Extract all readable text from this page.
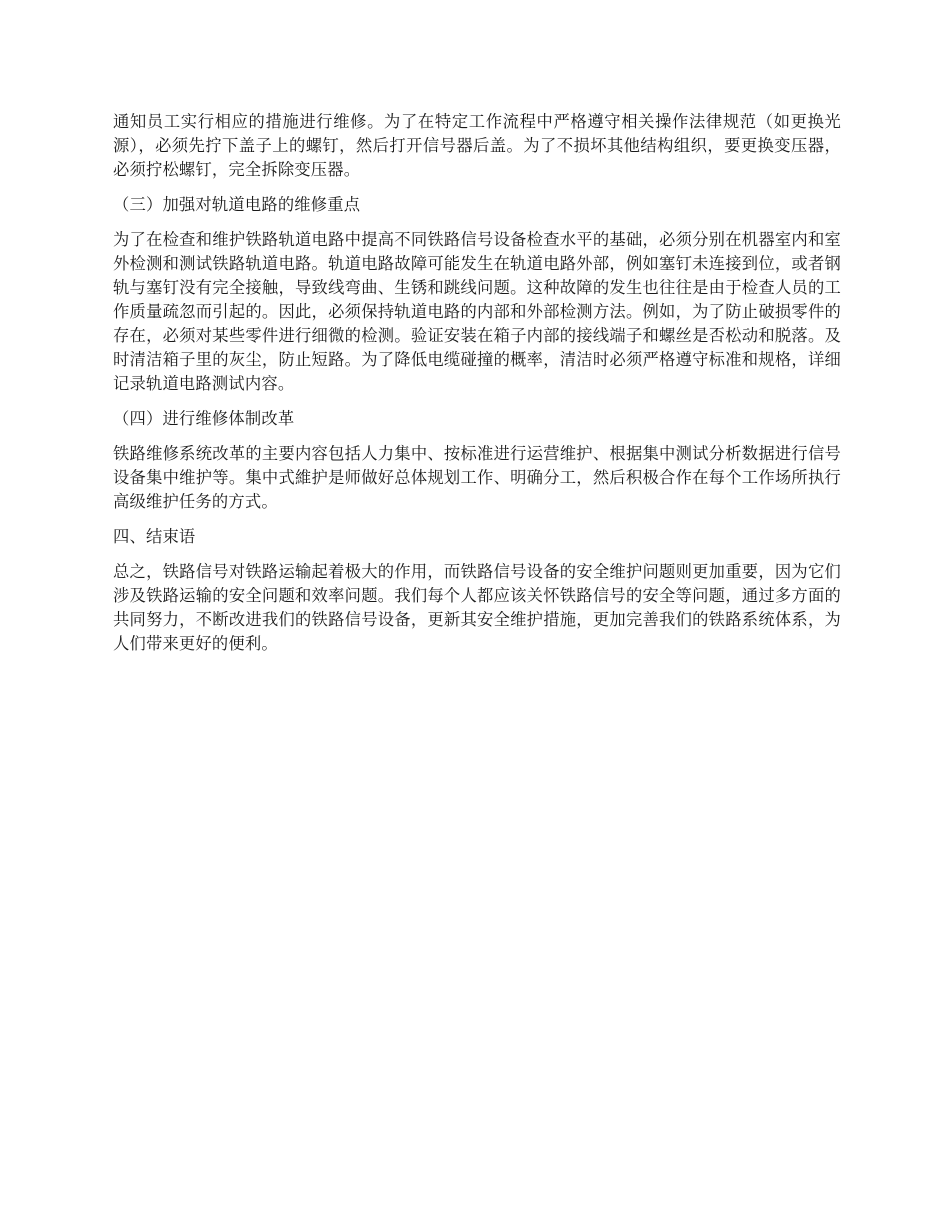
通知员工实行相应的措施进行维修。为了在特定工作流程中严格遵守相关操作法律规范（如更换光源），必须先拧下盖子上的螺钉，然后打开信号器后盖。为了不损坏其他结构组织，要更换变压器，必须拧松螺钉，完全拆除变压器。

（三）加强对轨道电路的维修重点

为了在检查和维护铁路轨道电路中提高不同铁路信号设备检查水平的基础，必须分别在机器室内和室外检测和测试铁路轨道电路。轨道电路故障可能发生在轨道电路外部，例如塞钉未连接到位，或者钢轨与塞钉没有完全接触，导致线弯曲、生锈和跳线问题。这种故障的发生也往往是由于检查人员的工作质量疏忽而引起的。因此，必须保持轨道电路的内部和外部检测方法。例如，为了防止破损零件的存在，必须对某些零件进行细微的检测。验证安装在箱子内部的接线端子和螺丝是否松动和脱落。及时清洁箱子里的灰尘，防止短路。为了降低电缆碰撞的概率，清洁时必须严格遵守标准和规格，详细记录轨道电路测试内容。

（四）进行维修体制改革

铁路维修系统改革的主要内容包括人力集中、按标准进行运营维护、根据集中测试分析数据进行信号设备集中维护等。集中式維护是师做好总体规划工作、明确分工，然后积极合作在每个工作场所执行高级维护任务的方式。

四、结束语

总之，铁路信号对铁路运输起着极大的作用，而铁路信号设备的安全维护问题则更加重要，因为它们涉及铁路运输的安全问题和效率问题。我们每个人都应该关怀铁路信号的安全等问题，通过多方面的共同努力，不断改进我们的铁路信号设备，更新其安全维护措施，更加完善我们的铁路系统体系，为人们带来更好的便利。
